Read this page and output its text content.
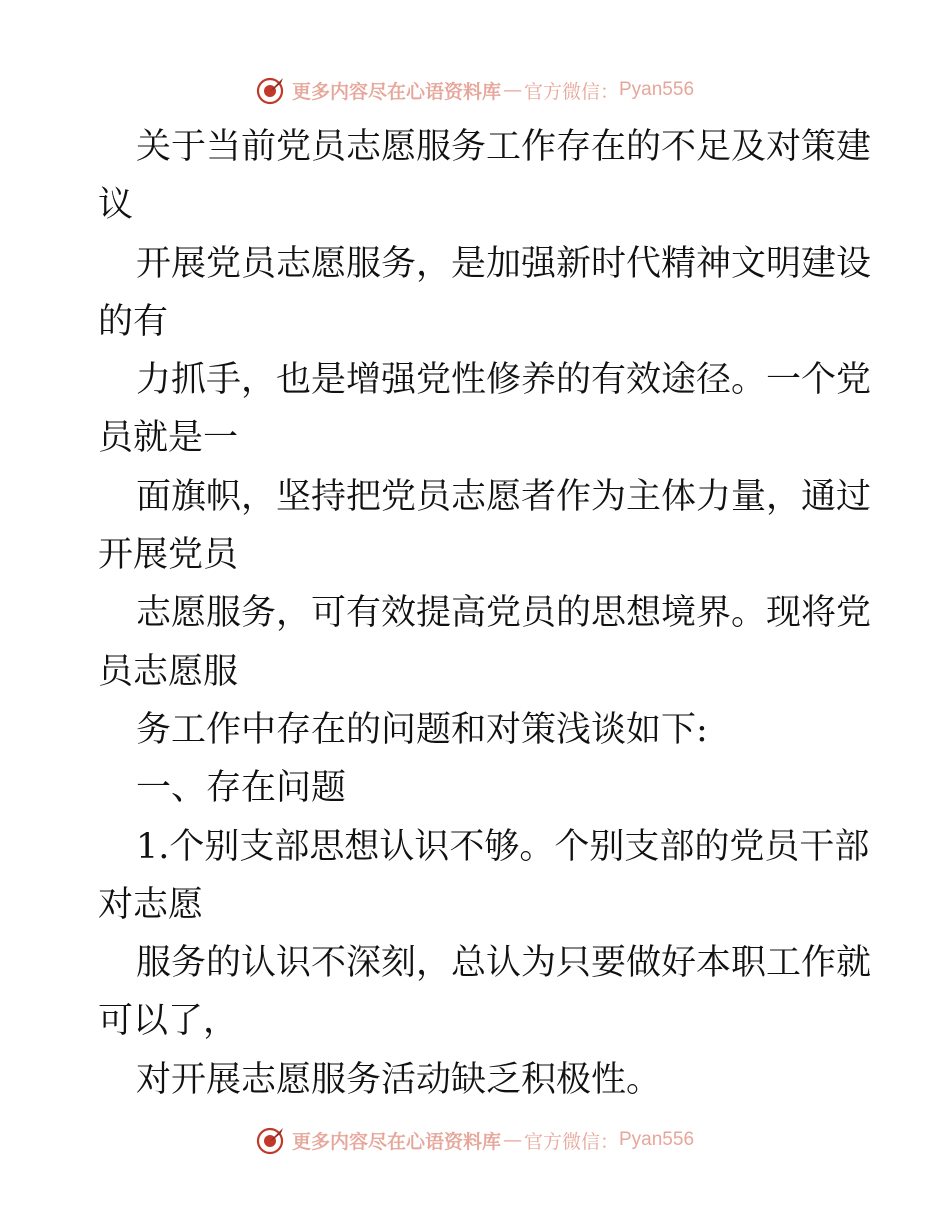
更多内容尽在心语资料库 — 官方微信： Pyan556
关于当前党员志愿服务工作存在的不足及对策建
议
开展党员志愿服务，是加强新时代精神文明建设
的有
力抓手，也是增强党性修养的有效途径。一个党
员就是一
面旗帜，坚持把党员志愿者作为主体力量，通过
开展党员
志愿服务，可有效提高党员的思想境界。现将党
员志愿服
务工作中存在的问题和对策浅谈如下:
一、存在问题
1.个别支部思想认识不够。个别支部的党员干部
对志愿
服务的认识不深刻，总认为只要做好本职工作就
可以了，
对开展志愿服务活动缺乏积极性。
更多内容尽在心语资料库 — 官方微信： Pyan556
